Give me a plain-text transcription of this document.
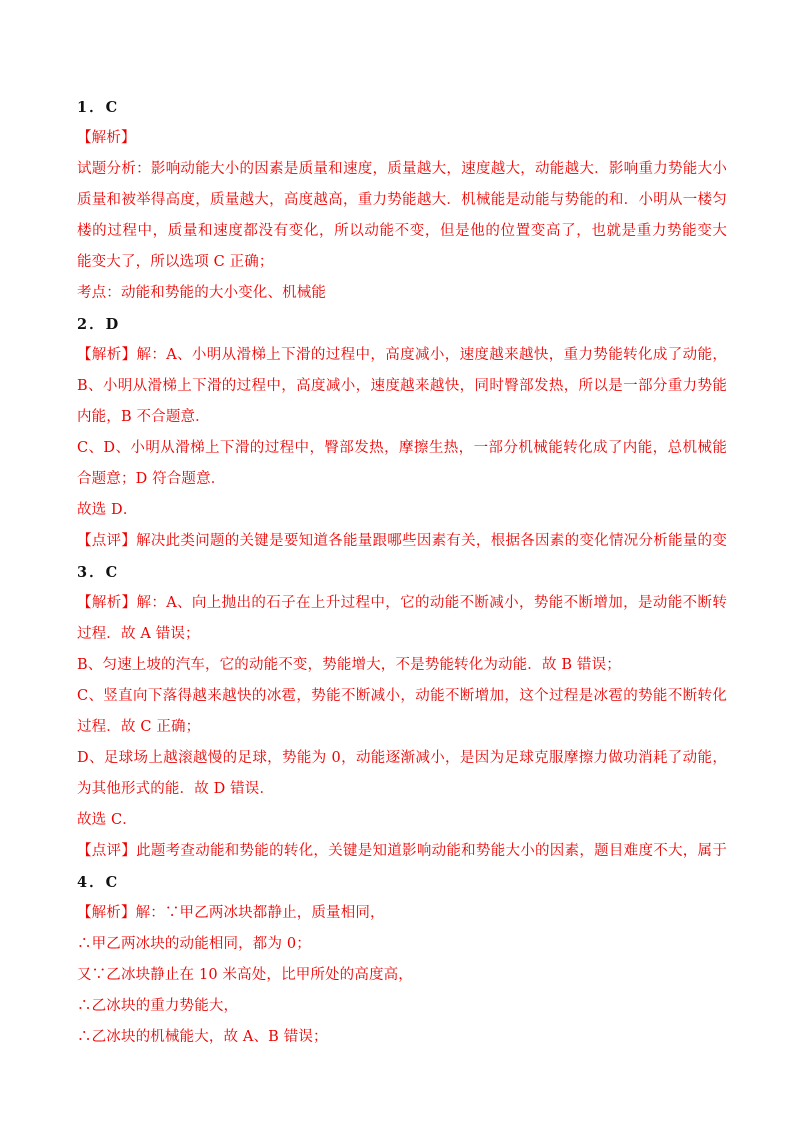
1．C
【解析】
试题分析：影响动能大小的因素是质量和速度，质量越大，速度越大，动能越大．影响重力势能大小
质量和被举得高度，质量越大，高度越高，重力势能越大．机械能是动能与势能的和．小明从一楼匀
楼的过程中，质量和速度都没有变化，所以动能不变，但是他的位置变高了，也就是重力势能变大
能变大了，所以选项 C 正确；
考点：动能和势能的大小变化、机械能
2．D
【解析】解：A、小明从滑梯上下滑的过程中，高度减小，速度越来越快，重力势能转化成了动能，
B、小明从滑梯上下滑的过程中，高度减小，速度越来越快，同时臀部发热，所以是一部分重力势能
内能，B 不合题意．
C、D、小明从滑梯上下滑的过程中，臀部发热，摩擦生热，一部分机械能转化成了内能，总机械能
合题意；D 符合题意．
故选 D．
【点评】解决此类问题的关键是要知道各能量跟哪些因素有关，根据各因素的变化情况分析能量的变
3．C
【解析】解：A、向上抛出的石子在上升过程中，它的动能不断减小，势能不断增加，是动能不断转
过程．故 A 错误；
B、匀速上坡的汽车，它的动能不变，势能增大，不是势能转化为动能．故 B 错误；
C、竖直向下落得越来越快的冰雹，势能不断减小，动能不断增加，这个过程是冰雹的势能不断转化
过程．故 C 正确；
D、足球场上越滚越慢的足球，势能为 0，动能逐渐减小，是因为足球克服摩擦力做功消耗了动能，
为其他形式的能．故 D 错误．
故选 C．
【点评】此题考查动能和势能的转化，关键是知道影响动能和势能大小的因素，题目难度不大，属于
4．C
【解析】解：∵甲乙两冰块都静止，质量相同，
∴甲乙两冰块的动能相同，都为 0；
又∵乙冰块静止在 10 米高处，比甲所处的高度高，
∴乙冰块的重力势能大，
∴乙冰块的机械能大，故 A、B 错误；
